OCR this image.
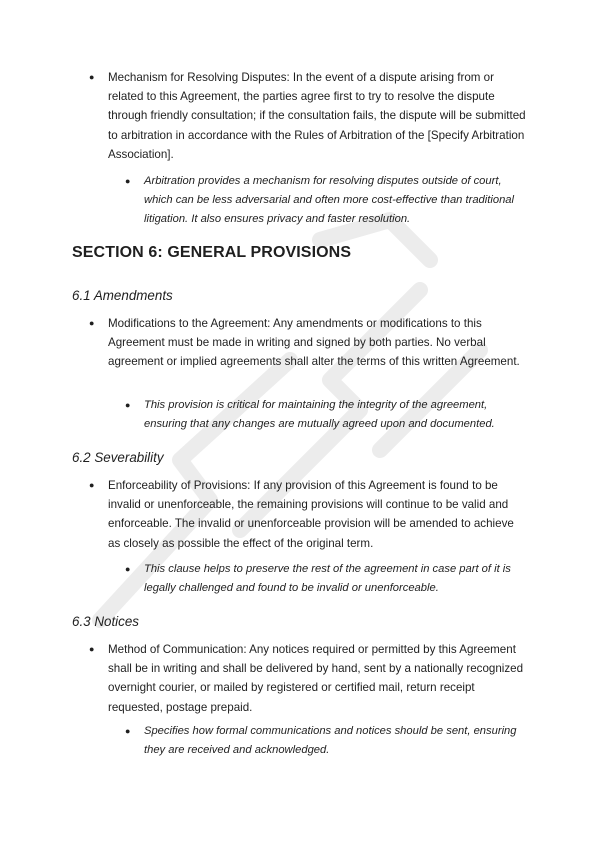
● Mechanism for Resolving Disputes: In the event of a dispute arising from or related to this Agreement, the parties agree first to try to resolve the dispute through friendly consultation; if the consultation fails, the dispute will be submitted to arbitration in accordance with the Rules of Arbitration of the [Specify Arbitration Association].
● Arbitration provides a mechanism for resolving disputes outside of court, which can be less adversarial and often more cost-effective than traditional litigation. It also ensures privacy and faster resolution.
SECTION 6: GENERAL PROVISIONS
6.1 Amendments
● Modifications to the Agreement: Any amendments or modifications to this Agreement must be made in writing and signed by both parties. No verbal agreement or implied agreements shall alter the terms of this written Agreement.
● This provision is critical for maintaining the integrity of the agreement, ensuring that any changes are mutually agreed upon and documented.
6.2 Severability
● Enforceability of Provisions: If any provision of this Agreement is found to be invalid or unenforceable, the remaining provisions will continue to be valid and enforceable. The invalid or unenforceable provision will be amended to achieve as closely as possible the effect of the original term.
● This clause helps to preserve the rest of the agreement in case part of it is legally challenged and found to be invalid or unenforceable.
6.3 Notices
● Method of Communication: Any notices required or permitted by this Agreement shall be in writing and shall be delivered by hand, sent by a nationally recognized overnight courier, or mailed by registered or certified mail, return receipt requested, postage prepaid.
● Specifies how formal communications and notices should be sent, ensuring they are received and acknowledged.
